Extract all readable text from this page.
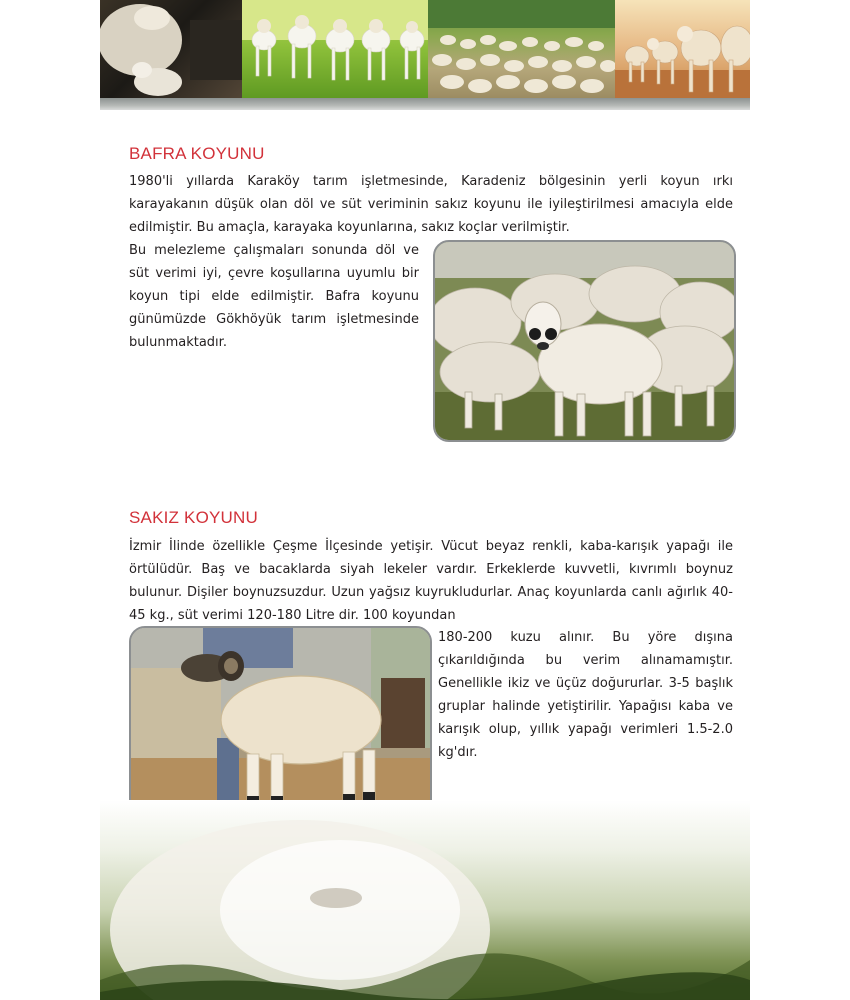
BAFRA KOYUNU

1980'li yıllarda Karaköy tarım işletmesinde, Karadeniz bölgesinin yerli koyun ırkı karayakanın düşük olan döl ve süt veriminin sakız koyunu ile iyileştirilmesi amacıyla elde edilmiştir. Bu amaçla, karayaka koyunlarına, sakız koçlar verilmiştir.

Bu melezleme çalışmaları sonunda döl ve süt verimi iyi, çevre koşullarına uyumlu bir koyun tipi elde edilmiştir. Bafra koyunu günümüzde Gökhöyük tarım işletmesinde bulunmaktadır.

SAKIZ KOYUNU

İzmir İlinde özellikle Çeşme İlçesinde yetişir. Vücut beyaz renkli, kaba-karışık yapağı ile örtülüdür. Baş ve bacaklarda siyah lekeler vardır. Erkeklerde kuvvetli, kıvrımlı boynuz bulunur. Dişiler boynuzsuzdur. Uzun yağsız kuyrukludurlar. Anaç koyunlarda canlı ağırlık 40-45 kg., süt verimi 120-180 Litre dir. 100 koyundan

180-200 kuzu alınır. Bu yöre dışına çıkarıldığında bu verim alınamamıştır. Genellikle ikiz ve üçüz doğururlar. 3-5 başlık gruplar halinde yetiştirilir. Yapağısı kaba ve karışık olup, yıllık yapağı verimleri 1.5-2.0 kg'dır.
